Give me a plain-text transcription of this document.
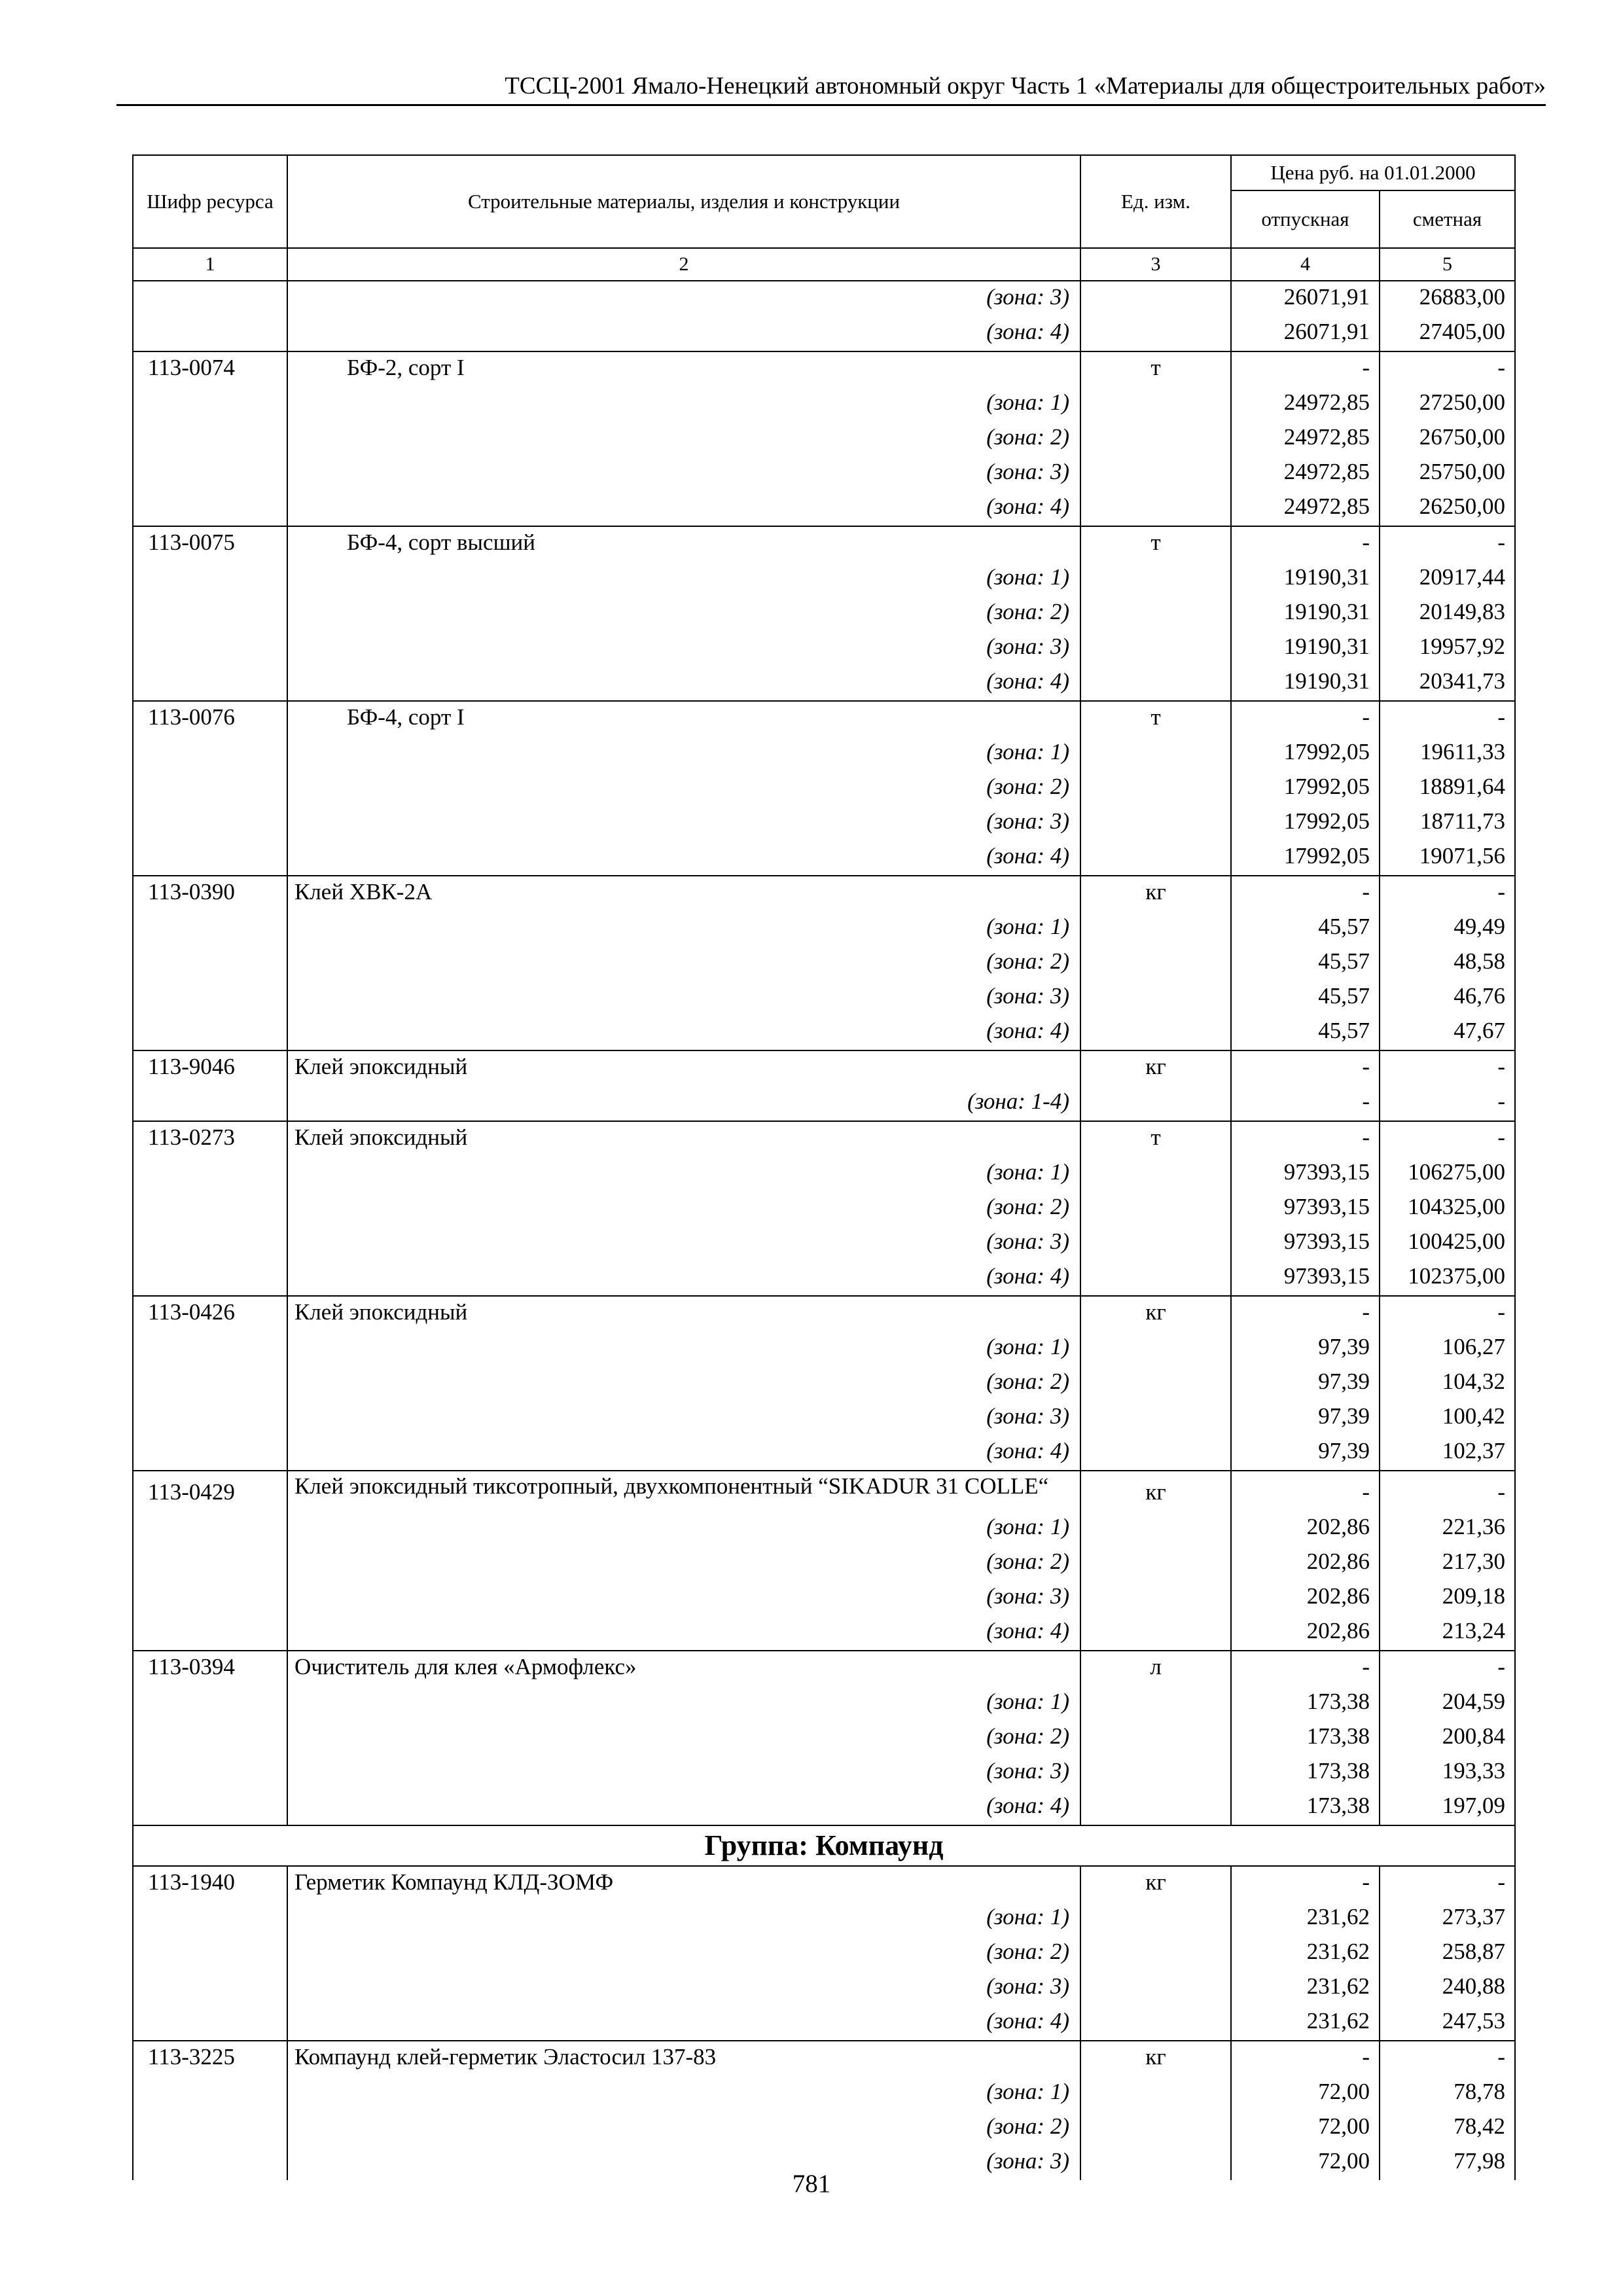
ТССЦ-2001 Ямало-Ненецкий автономный округ Часть 1 «Материалы для общестроительных работ»
Шифр ресурса	Строительные материалы, изделия и конструкции	Ед. изм.	Цена руб. на 01.01.2000	
			отпускная	сметная
1	2	3	4	5
	(зона: 3)		26071,91	26883,00
	(зона: 4)		26071,91	27405,00
113-0074	БФ-2, сорт I	т	-	-
	(зона: 1)		24972,85	27250,00
	(зона: 2)		24972,85	26750,00
	(зона: 3)		24972,85	25750,00
	(зона: 4)		24972,85	26250,00
113-0075	БФ-4, сорт высший	т	-	-
	(зона: 1)		19190,31	20917,44
	(зона: 2)		19190,31	20149,83
	(зона: 3)		19190,31	19957,92
	(зона: 4)		19190,31	20341,73
113-0076	БФ-4, сорт I	т	-	-
	(зона: 1)		17992,05	19611,33
	(зона: 2)		17992,05	18891,64
	(зона: 3)		17992,05	18711,73
	(зона: 4)		17992,05	19071,56
113-0390	Клей ХВК-2А	кг	-	-
	(зона: 1)		45,57	49,49
	(зона: 2)		45,57	48,58
	(зона: 3)		45,57	46,76
	(зона: 4)		45,57	47,67
113-9046	Клей эпоксидный	кг	-	-
	(зона: 1-4)		-	-
113-0273	Клей эпоксидный	т	-	-
	(зона: 1)		97393,15	106275,00
	(зона: 2)		97393,15	104325,00
	(зона: 3)		97393,15	100425,00
	(зона: 4)		97393,15	102375,00
113-0426	Клей эпоксидный	кг	-	-
	(зона: 1)		97,39	106,27
	(зона: 2)		97,39	104,32
	(зона: 3)		97,39	100,42
	(зона: 4)		97,39	102,37
113-0429	Клей эпоксидный тиксотропный, двухкомпонентный “SIKADUR 31 COLLE“	кг	-	-
	(зона: 1)		202,86	221,36
	(зона: 2)		202,86	217,30
	(зона: 3)		202,86	209,18
	(зона: 4)		202,86	213,24
113-0394	Очиститель для клея «Армофлекс»	л	-	-
	(зона: 1)		173,38	204,59
	(зона: 2)		173,38	200,84
	(зона: 3)		173,38	193,33
	(зона: 4)		173,38	197,09
Группа: Компаунд				
113-1940	Герметик Компаунд КЛД-ЗОМФ	кг	-	-
	(зона: 1)		231,62	273,37
	(зона: 2)		231,62	258,87
	(зона: 3)		231,62	240,88
	(зона: 4)		231,62	247,53
113-3225	Компаунд клей-герметик Эластосил 137-83	кг	-	-
	(зона: 1)		72,00	78,78
	(зона: 2)		72,00	78,42
	(зона: 3)		72,00	77,98
781
